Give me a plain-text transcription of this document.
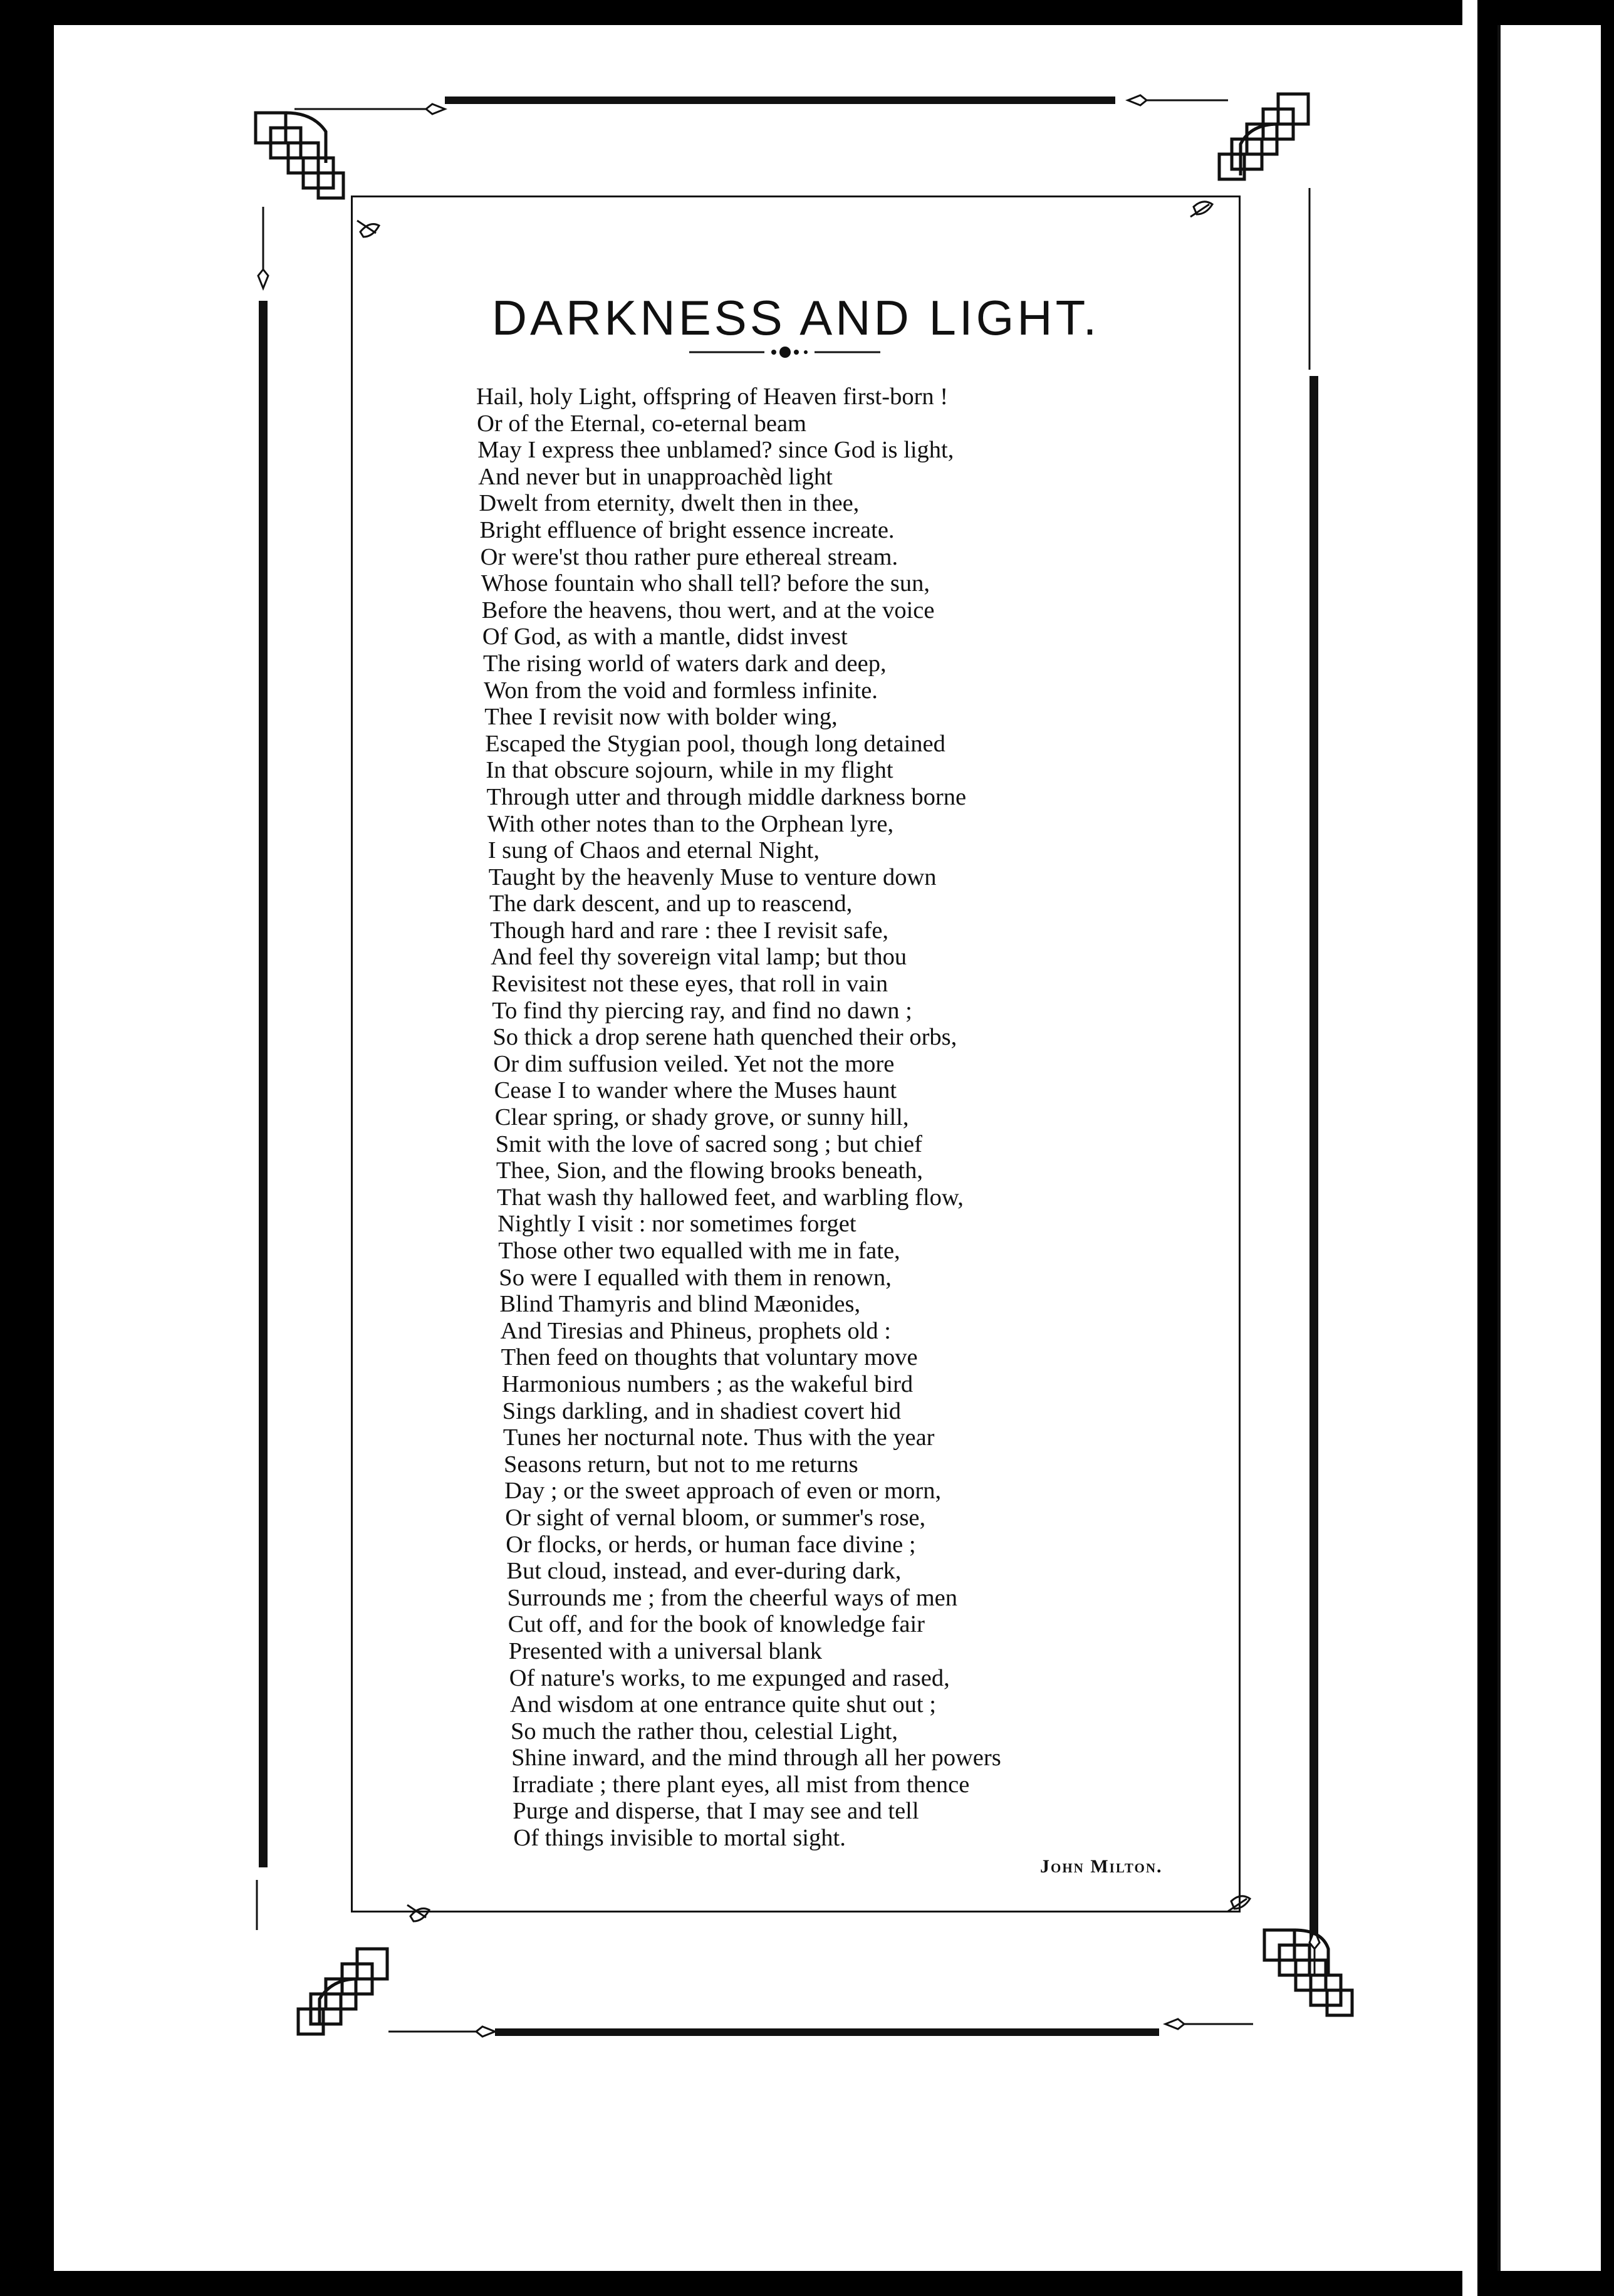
DARKNESS AND LIGHT.
Hail, holy Light, offspring of Heaven first-born !
Or of the Eternal, co-eternal beam
May I express thee unblamed? since God is light,
And never but in unapproachèd light
Dwelt from eternity, dwelt then in thee,
Bright effluence of bright essence increate.
Or were'st thou rather pure ethereal stream.
Whose fountain who shall tell? before the sun,
Before the heavens, thou wert, and at the voice
Of God, as with a mantle, didst invest
The rising world of waters dark and deep,
Won from the void and formless infinite.
Thee I revisit now with bolder wing,
Escaped the Stygian pool, though long detained
In that obscure sojourn, while in my flight
Through utter and through middle darkness borne
With other notes than to the Orphean lyre,
I sung of Chaos and eternal Night,
Taught by the heavenly Muse to venture down
The dark descent, and up to reascend,
Though hard and rare : thee I revisit safe,
And feel thy sovereign vital lamp; but thou
Revisitest not these eyes, that roll in vain
To find thy piercing ray, and find no dawn ;
So thick a drop serene hath quenched their orbs,
Or dim suffusion veiled. Yet not the more
Cease I to wander where the Muses haunt
Clear spring, or shady grove, or sunny hill,
Smit with the love of sacred song ; but chief
Thee, Sion, and the flowing brooks beneath,
That wash thy hallowed feet, and warbling flow,
Nightly I visit : nor sometimes forget
Those other two equalled with me in fate,
So were I equalled with them in renown,
Blind Thamyris and blind Mæonides,
And Tiresias and Phineus, prophets old :
Then feed on thoughts that voluntary move
Harmonious numbers ; as the wakeful bird
Sings darkling, and in shadiest covert hid
Tunes her nocturnal note. Thus with the year
Seasons return, but not to me returns
Day ; or the sweet approach of even or morn,
Or sight of vernal bloom, or summer's rose,
Or flocks, or herds, or human face divine ;
But cloud, instead, and ever-during dark,
Surrounds me ; from the cheerful ways of men
Cut off, and for the book of knowledge fair
Presented with a universal blank
Of nature's works, to me expunged and rased,
And wisdom at one entrance quite shut out ;
So much the rather thou, celestial Light,
Shine inward, and the mind through all her powers
Irradiate ; there plant eyes, all mist from thence
Purge and disperse, that I may see and tell
Of things invisible to mortal sight.
John Milton.
